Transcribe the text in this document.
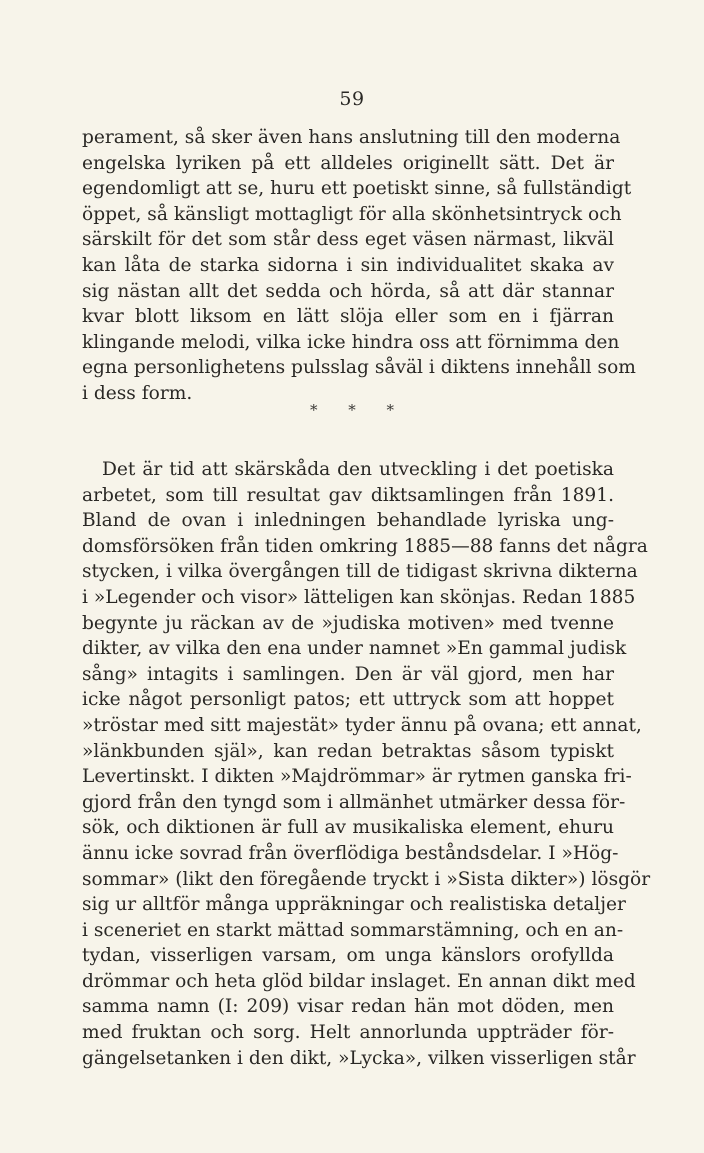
59
perament, så sker även hans anslutning till den moderna
engelska lyriken på ett alldeles originellt sätt. Det är
egendomligt att se, huru ett poetiskt sinne, så fullständigt
öppet, så känsligt mottagligt för alla skönhetsintryck och
särskilt för det som står dess eget väsen närmast, likväl
kan låta de starka sidorna i sin individualitet skaka av
sig nästan allt det sedda och hörda, så att där stannar
kvar blott liksom en lätt slöja eller som en i fjärran
klingande melodi, vilka icke hindra oss att förnimma den
egna personlighetens pulsslag såväl i diktens innehåll som
i dess form.
* * *
Det är tid att skärskåda den utveckling i det poetiska
arbetet, som till resultat gav diktsamlingen från 1891.
Bland de ovan i inledningen behandlade lyriska ung-
domsförsöken från tiden omkring 1885—88 fanns det några
stycken, i vilka övergången till de tidigast skrivna dikterna
i »Legender och visor» lätteligen kan skönjas. Redan 1885
begynte ju räckan av de »judiska motiven» med tvenne
dikter, av vilka den ena under namnet »En gammal judisk
sång» intagits i samlingen. Den är väl gjord, men har
icke något personligt patos; ett uttryck som att hoppet
»tröstar med sitt majestät» tyder ännu på ovana; ett annat,
»länkbunden själ», kan redan betraktas såsom typiskt
Levertinskt. I dikten »Majdrömmar» är rytmen ganska fri-
gjord från den tyngd som i allmänhet utmärker dessa för-
sök, och diktionen är full av musikaliska element, ehuru
ännu icke sovrad från överflödiga beståndsdelar. I »Hög-
sommar» (likt den föregående tryckt i »Sista dikter») lösgör
sig ur alltför många uppräkningar och realistiska detaljer
i sceneriet en starkt mättad sommarstämning, och en an-
tydan, visserligen varsam, om unga känslors orofyllda
drömmar och heta glöd bildar inslaget. En annan dikt med
samma namn (I: 209) visar redan hän mot döden, men
med fruktan och sorg. Helt annorlunda uppträder för-
gängelsetanken i den dikt, »Lycka», vilken visserligen står
